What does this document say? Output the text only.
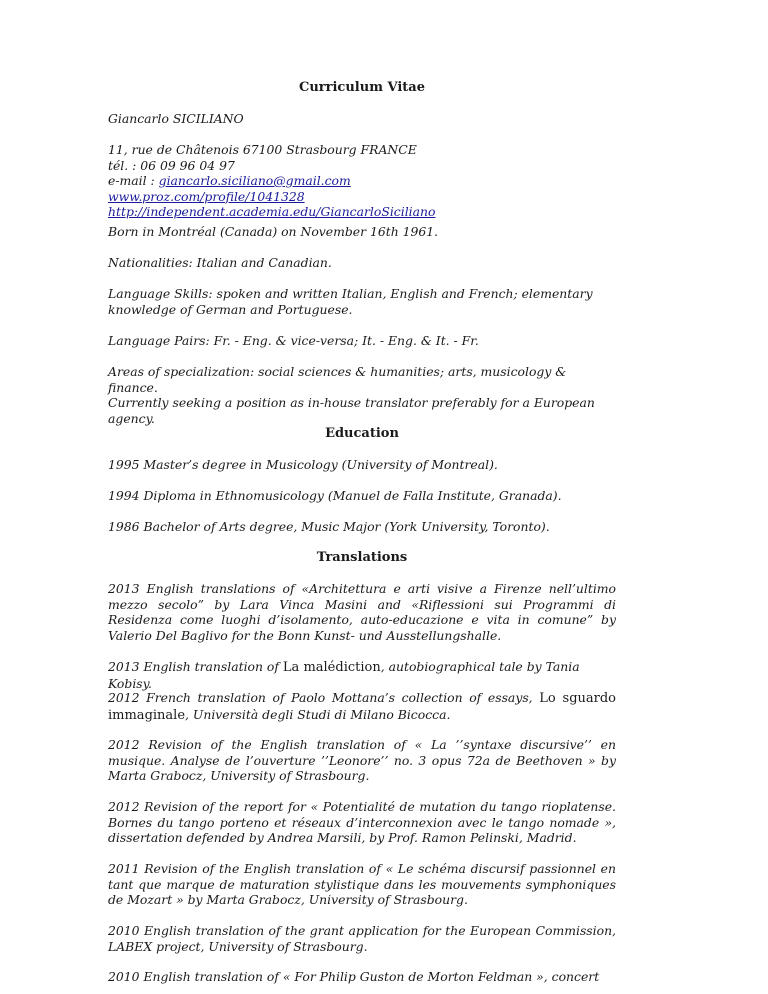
Curriculum Vitae

Giancarlo SICILIANO

11, rue de Châtenois 67100 Strasbourg FRANCE

tél. : 06 09 96 04 97

e-mail : giancarlo.siciliano@gmail.com

www.proz.com/profile/1041328

http://independent.academia.edu/GiancarloSiciliano

Born in Montréal (Canada) on November 16th 1961.

Nationalities: Italian and Canadian.

Language Skills: spoken and written Italian, English and French; elementary knowledge of German and Portuguese.

Language Pairs: Fr. - Eng. & vice-versa; It. - Eng. & It. - Fr.

Areas of specialization: social sciences & humanities; arts, musicology & finance.

Currently seeking a position as in-house translator preferably for a European agency.

Education

1995 Master’s degree in Musicology (University of Montreal).

1994 Diploma in Ethnomusicology (Manuel de Falla Institute, Granada).

1986 Bachelor of Arts degree, Music Major (York University, Toronto).

Translations

2013 English translations of «Architettura e arti visive a Firenze nell’ultimo mezzo secolo” by Lara Vinca Masini and «Riflessioni sui Programmi di Residenza come luoghi d’isolamento, auto-educazione e vita in comune” by Valerio Del Baglivo for the Bonn Kunst- und Ausstellungshalle.

2013 English translation of La malédiction, autobiographical tale by Tania Kobisy.

2012 French translation of Paolo Mottana’s collection of essays, Lo sguardo immaginale, Università degli Studi di Milano Bicocca.

2012 Revision of the English translation of « La ’’syntaxe discursive’’ en musique. Analyse de l’ouverture ’’Leonore’’ no. 3 opus 72a de Beethoven » by Marta Grabocz, University of Strasbourg.

2012 Revision of the report for « Potentialité de mutation du tango rioplatense. Bornes du tango porteno et réseaux d’interconnexion avec le tango nomade », dissertation defended by Andrea Marsili, by Prof. Ramon Pelinski, Madrid.

2011 Revision of the English translation of « Le schéma discursif passionnel en tant que marque de maturation stylistique dans les mouvements symphoniques de Mozart » by Marta Grabocz, University of Strasbourg.

2010 English translation of the grant application for the European Commission, LABEX project, University of Strasbourg.

2010 English translation of « For Philip Guston de Morton Feldman », concert
